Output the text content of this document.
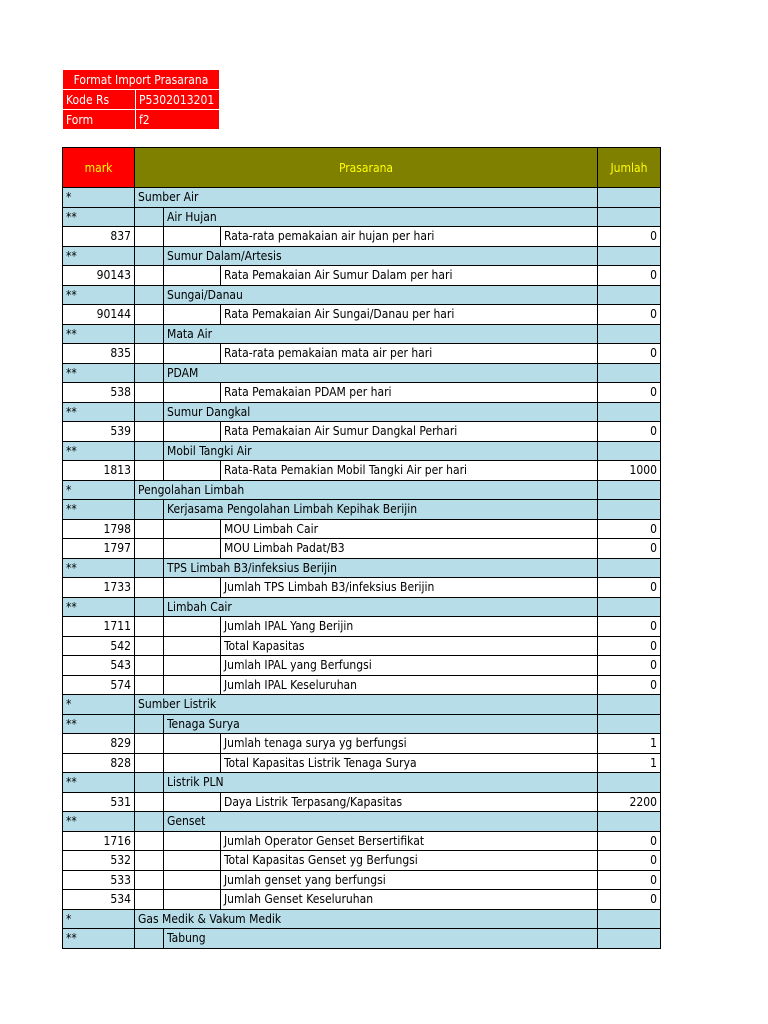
Format Import Prasarana	
Kode Rs	P5302013201
Form	f2
mark	Prasarana			Jumlah
*	Sumber Air			
**		Air Hujan		
837			Rata-rata pemakaian air hujan per hari	0
**		Sumur Dalam/Artesis		
90143			Rata Pemakaian Air Sumur Dalam per hari	0
**		Sungai/Danau		
90144			Rata Pemakaian Air Sungai/Danau per hari	0
**		Mata Air		
835			Rata-rata pemakaian mata air per hari	0
**		PDAM		
538			Rata Pemakaian PDAM per hari	0
**		Sumur Dangkal		
539			Rata Pemakaian Air Sumur Dangkal Perhari	0
**		Mobil Tangki Air		
1813			Rata-Rata Pemakian Mobil Tangki Air per hari	1000
*	Pengolahan Limbah			
**		Kerjasama Pengolahan Limbah Kepihak Berijin		
1798			MOU Limbah Cair	0
1797			MOU Limbah Padat/B3	0
**		TPS Limbah B3/infeksius Berijin		
1733			Jumlah TPS Limbah B3/infeksius Berijin	0
**		Limbah Cair		
1711			Jumlah IPAL Yang Berijin	0
542			Total Kapasitas	0
543			Jumlah IPAL yang Berfungsi	0
574			Jumlah IPAL Keseluruhan	0
*	Sumber Listrik			
**		Tenaga Surya		
829			Jumlah tenaga surya yg berfungsi	1
828			Total Kapasitas Listrik Tenaga Surya	1
**		Listrik PLN		
531			Daya Listrik Terpasang/Kapasitas	2200
**		Genset		
1716			Jumlah Operator Genset Bersertifikat	0
532			Total Kapasitas Genset yg Berfungsi	0
533			Jumlah genset yang berfungsi	0
534			Jumlah Genset Keseluruhan	0
*	Gas Medik & Vakum Medik			
**		Tabung		
